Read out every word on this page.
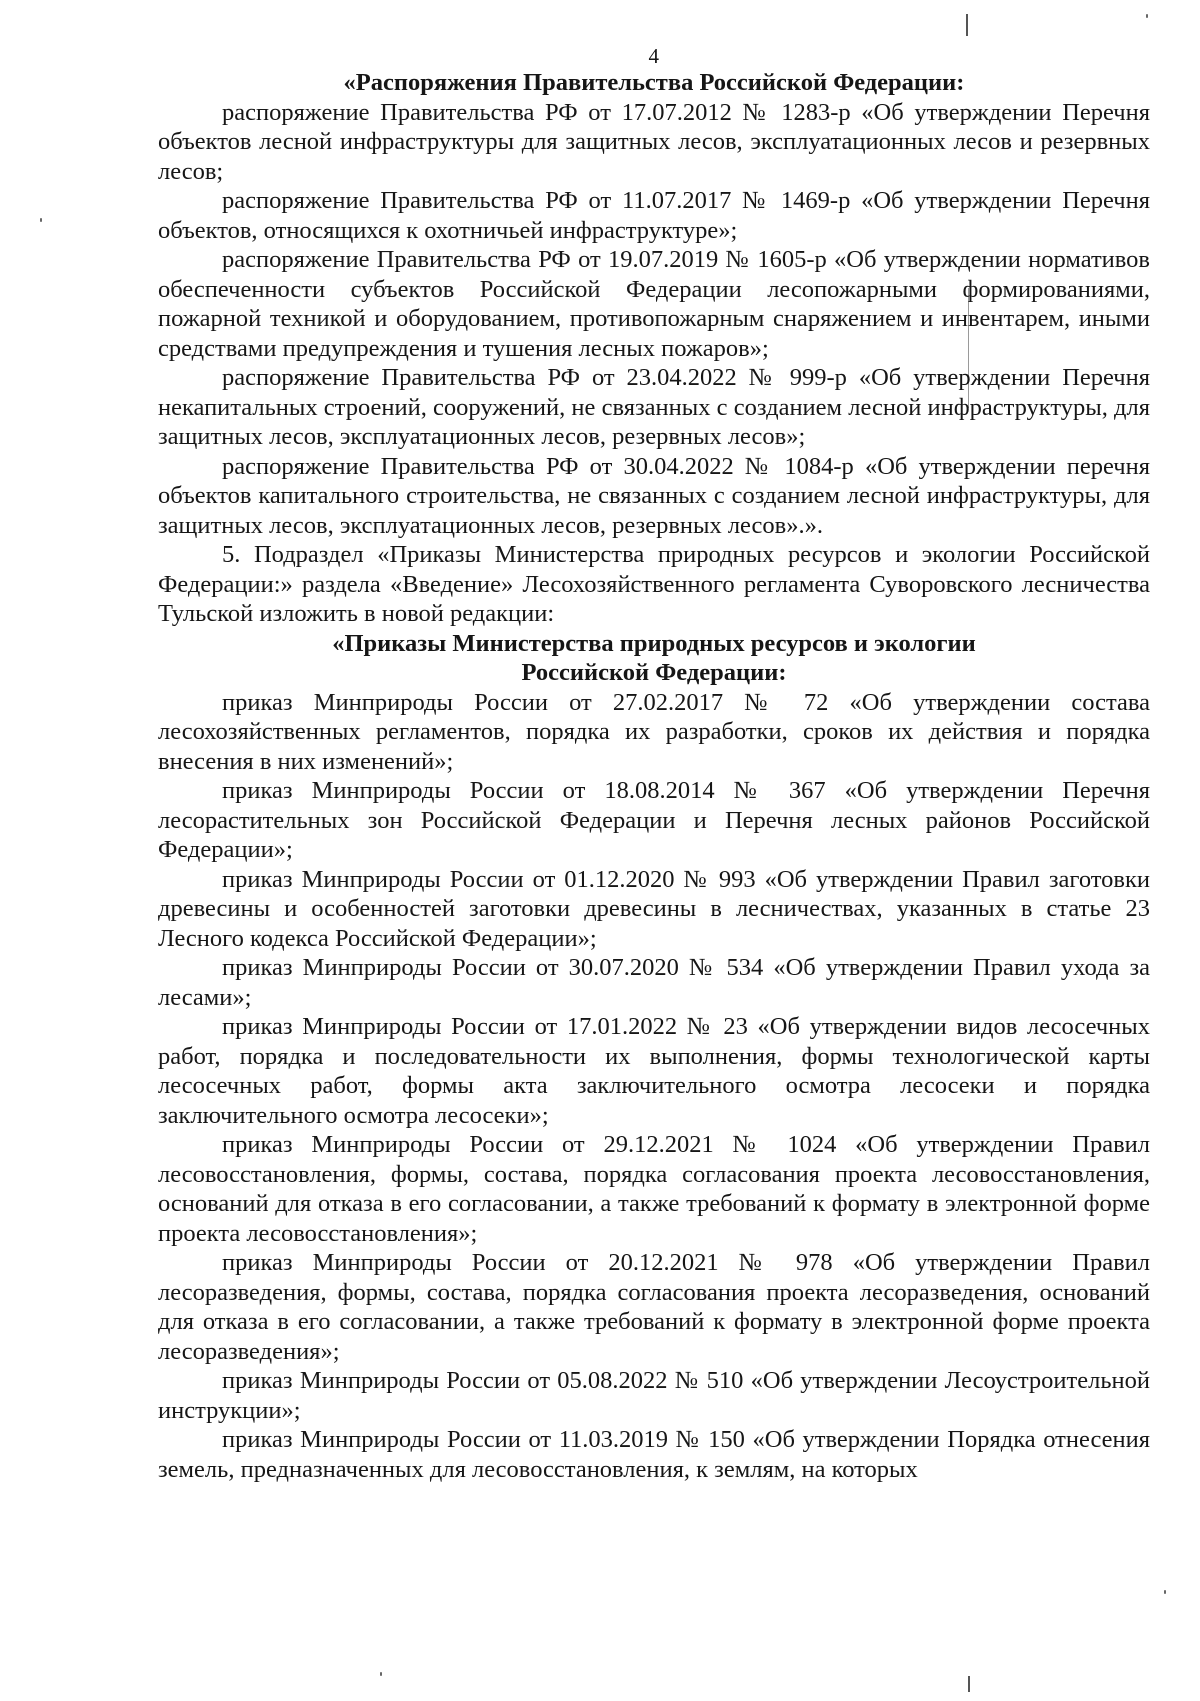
4

«Распоряжения Правительства Российской Федерации:

распоряжение Правительства РФ от 17.07.2012 № 1283-р «Об утверждении Перечня объектов лесной инфраструктуры для защитных лесов, эксплуатационных лесов и резервных лесов;

распоряжение Правительства РФ от 11.07.2017 № 1469-р «Об утверждении Перечня объектов, относящихся к охотничьей инфраструктуре»;

распоряжение Правительства РФ от 19.07.2019 № 1605-р «Об утверждении нормативов обеспеченности субъектов Российской Федерации лесопожарными формированиями, пожарной техникой и оборудованием, противопожарным снаряжением и инвентарем, иными средствами предупреждения и тушения лесных пожаров»;

распоряжение Правительства РФ от 23.04.2022 № 999-р «Об утверждении Перечня некапитальных строений, сооружений, не связанных с созданием лесной инфраструктуры, для защитных лесов, эксплуатационных лесов, резервных лесов»;

распоряжение Правительства РФ от 30.04.2022 № 1084-р «Об утверждении перечня объектов капитального строительства, не связанных с созданием лесной инфраструктуры, для защитных лесов, эксплуатационных лесов, резервных лесов».».

5. Подраздел «Приказы Министерства природных ресурсов и экологии Российской Федерации:» раздела «Введение» Лесохозяйственного регламента Суворовского лесничества Тульской изложить в новой редакции:

«Приказы Министерства природных ресурсов и экологии

Российской Федерации:

приказ Минприроды России от 27.02.2017 № 72 «Об утверждении состава лесохозяйственных регламентов, порядка их разработки, сроков их действия и порядка внесения в них изменений»;

приказ Минприроды России от 18.08.2014 № 367 «Об утверждении Перечня лесорастительных зон Российской Федерации и Перечня лесных районов Российской Федерации»;

приказ Минприроды России от 01.12.2020 № 993 «Об утверждении Правил заготовки древесины и особенностей заготовки древесины в лесничествах, указанных в статье 23 Лесного кодекса Российской Федерации»;

приказ Минприроды России от 30.07.2020 № 534 «Об утверждении Правил ухода за лесами»;

приказ Минприроды России от 17.01.2022 № 23 «Об утверждении видов лесосечных работ, порядка и последовательности их выполнения, формы технологической карты лесосечных работ, формы акта заключительного осмотра лесосеки и порядка заключительного осмотра лесосеки»;

приказ Минприроды России от 29.12.2021 № 1024 «Об утверждении Правил лесовосстановления, формы, состава, порядка согласования проекта лесовосстановления, оснований для отказа в его согласовании, а также требований к формату в электронной форме проекта лесовосстановления»;

приказ Минприроды России от 20.12.2021 № 978 «Об утверждении Правил лесоразведения, формы, состава, порядка согласования проекта лесоразведения, оснований для отказа в его согласовании, а также требований к формату в электронной форме проекта лесоразведения»;

приказ Минприроды России от 05.08.2022 № 510 «Об утверждении Лесоустроительной инструкции»;

приказ Минприроды России от 11.03.2019 № 150 «Об утверждении Порядка отнесения земель, предназначенных для лесовосстановления, к землям, на которых
